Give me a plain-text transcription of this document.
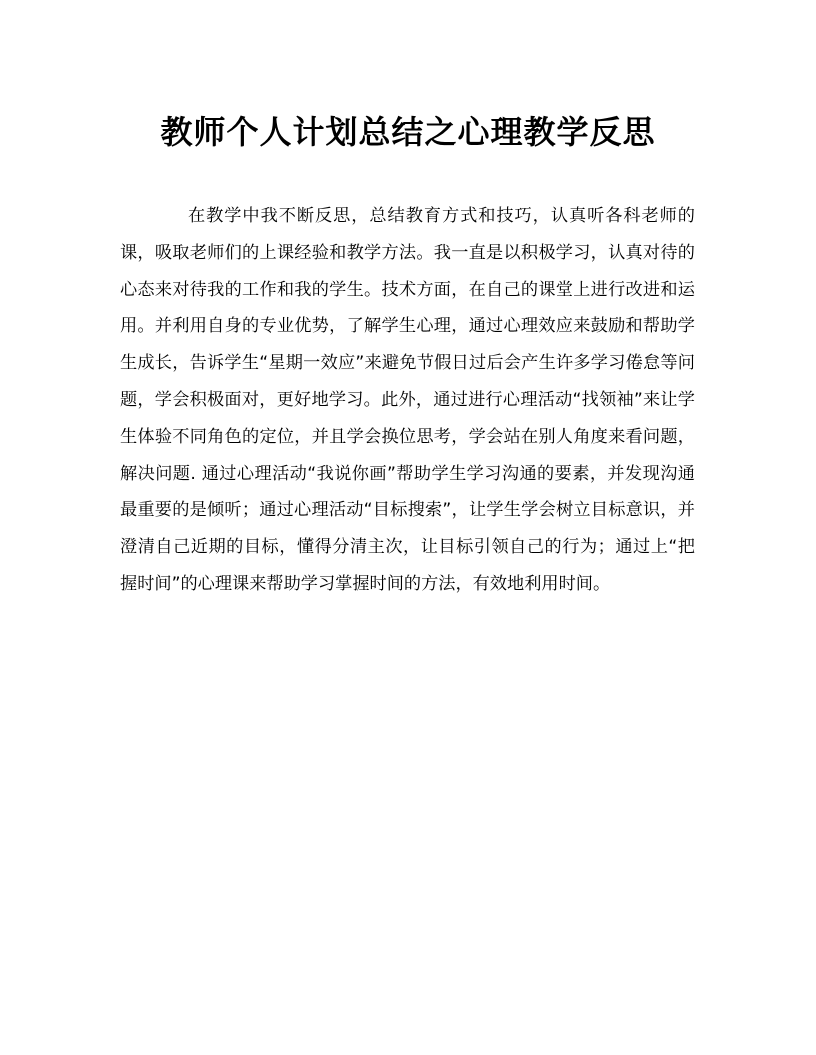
教师个人计划总结之心理教学反思

在教学中我不断反思，总结教育方式和技巧，认真听各科老师的课，吸取老师们的上课经验和教学方法。我一直是以积极学习，认真对待的心态来对待我的工作和我的学生。技术方面，在自己的课堂上进行改进和运用。并利用自身的专业优势，了解学生心理，通过心理效应来鼓励和帮助学生成长，告诉学生“星期一效应”来避免节假日过后会产生许多学习倦怠等问题，学会积极面对，更好地学习。此外，通过进行心理活动“找领袖”来让学生体验不同角色的定位，并且学会换位思考，学会站在别人角度来看问题，解决问题. 通过心理活动“我说你画”帮助学生学习沟通的要素，并发现沟通最重要的是倾听；通过心理活动“目标搜索”，让学生学会树立目标意识，并澄清自己近期的目标，懂得分清主次，让目标引领自己的行为；通过上“把握时间”的心理课来帮助学习掌握时间的方法，有效地利用时间。
